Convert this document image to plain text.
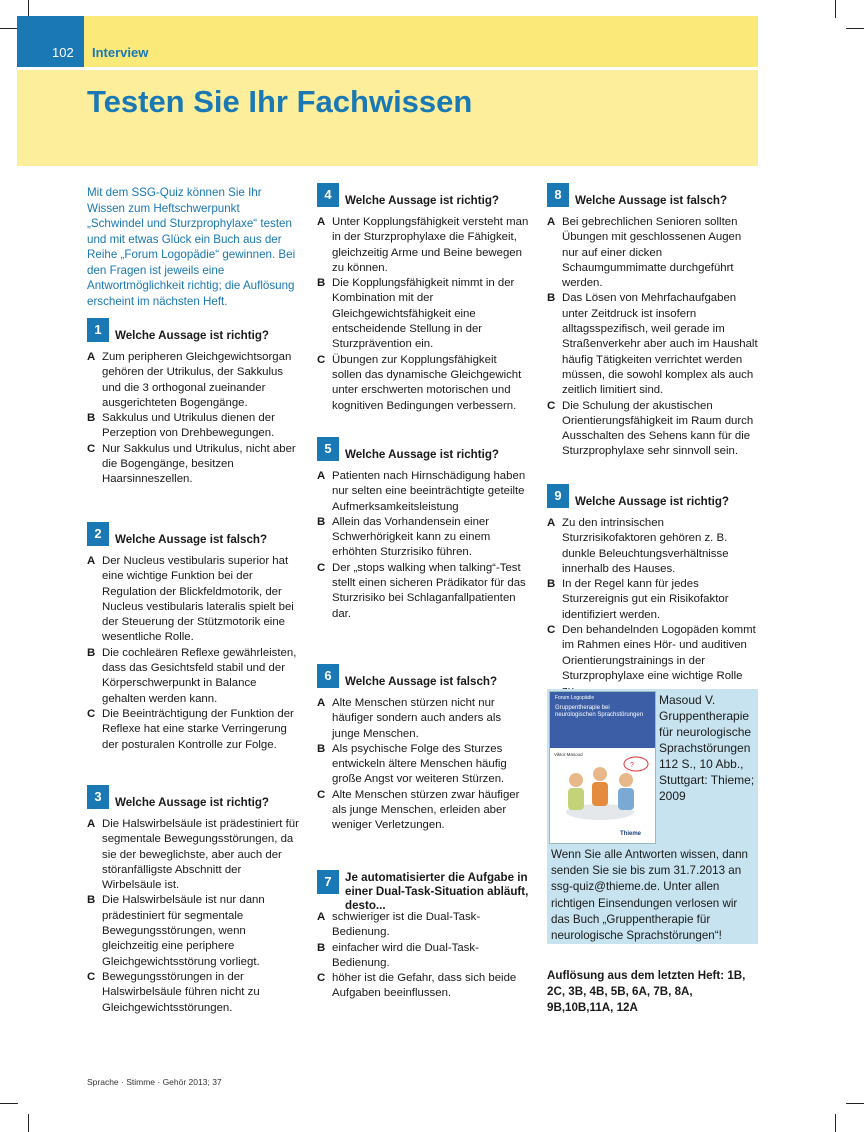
102 Interview
Testen Sie Ihr Fachwissen

Mit dem SSG-Quiz können Sie Ihr Wissen zum Heftschwerpunkt „Schwindel und Sturzprophylaxe“ testen und mit etwas Glück ein Buch aus der Reihe „Forum Logopädie“ gewinnen. Bei den Fragen ist jeweils eine Antwortmöglichkeit richtig; die Auflösung erscheint im nächsten Heft.

1	Welche Aussage ist richtig?
A Zum peripheren Gleichgewichtsorgan gehören der Utrikulus, der Sakkulus und die 3 orthogonal zueinander ausgerichteten Bogengänge.
B Sakkulus und Utrikulus dienen der Perzeption von Drehbewegungen.
C Nur Sakkulus und Utrikulus, nicht aber die Bogengänge, besitzen Haarsinneszellen.
2	Welche Aussage ist falsch?
A Der Nucleus vestibularis superior hat eine wichtige Funktion bei der Regulation der Blickfeldmotorik, der Nucleus vestibularis lateralis spielt bei der Steuerung der Stützmotorik eine wesentliche Rolle.
B Die cochleären Reflexe gewährleisten, dass das Gesichtsfeld stabil und der Körperschwerpunkt in Balance gehalten werden kann.
C Die Beeinträchtigung der Funktion der Reflexe hat eine starke Verringerung der posturalen Kontrolle zur Folge.
3	Welche Aussage ist richtig?
A Die Halswirbelsäule ist prädestiniert für segmentale Bewegungsstörungen, da sie der beweglichste, aber auch der störanfälligste Abschnitt der Wirbelsäule ist.
B Die Halswirbelsäule ist nur dann prädestiniert für segmentale Bewegungsstörungen, wenn gleichzeitig eine periphere Gleichgewichtsstörung vorliegt.
C Bewegungsstörungen in der Halswirbelsäule führen nicht zu Gleichgewichtsstörungen.
4	Welche Aussage ist richtig?
A Unter Kopplungsfähigkeit versteht man in der Sturzprophylaxe die Fähigkeit, gleichzeitig Arme und Beine bewegen zu können.
B Die Kopplungsfähigkeit nimmt in der Kombination mit der Gleichgewichtsfähigkeit eine entscheidende Stellung in der Sturzprävention ein.
C Übungen zur Kopplungsfähigkeit sollen das dynamische Gleichgewicht unter erschwerten motorischen und kognitiven Bedingungen verbessern.
5	Welche Aussage ist richtig?
A Patienten nach Hirnschädigung haben nur selten eine beeinträchtigte geteilte Aufmerksamkeitsleistung
B Allein das Vorhandensein einer Schwerhörigkeit kann zu einem erhöhten Sturzrisiko führen.
C Der „stops walking when talking“-Test stellt einen sicheren Prädikator für das Sturzrisiko bei Schlaganfallpatienten dar.
6	Welche Aussage ist falsch?
A Alte Menschen stürzen nicht nur häufiger sondern auch anders als junge Menschen.
B Als psychische Folge des Sturzes entwickeln ältere Menschen häufig große Angst vor weiteren Stürzen.
C Alte Menschen stürzen zwar häufiger als junge Menschen, erleiden aber weniger Verletzungen.
7	Je automatisierter die Aufgabe in einer Dual-Task-Situation abläuft, desto...
A schwieriger ist die Dual-Task-Bedienung.
B einfacher wird die Dual-Task-Bedienung.
C höher ist die Gefahr, dass sich beide Aufgaben beeinflussen.
8	Welche Aussage ist falsch?
A Bei gebrechlichen Senioren sollten Übungen mit geschlossenen Augen nur auf einer dicken Schaumgummimatte durchgeführt werden.
B Das Lösen von Mehrfachaufgaben unter Zeitdruck ist insofern alltagsspezifisch, weil gerade im Straßenverkehr aber auch im Haushalt häufig Tätigkeiten verrichtet werden müssen, die sowohl komplex als auch zeitlich limitiert sind.
C Die Schulung der akustischen Orientierungsfähigkeit im Raum durch Ausschalten des Sehens kann für die Sturzprophylaxe sehr sinnvoll sein.
9	Welche Aussage ist richtig?
A Zu den intrinsischen Sturzrisikofaktoren gehören z. B. dunkle Beleuchtungsverhältnisse innerhalb des Hauses.
B In der Regel kann für jedes Sturzereignis gut ein Risikofaktor identifiziert werden.
C Den behandelnden Logopäden kommt im Rahmen eines Hör- und auditiven Orientierungstrainings in der Sturzprophylaxe eine wichtige Rolle
Forum Logopädie
Gruppentherapie bei neurologischen Sprachstörungen
Viktor Masoud
?
Thieme
Masoud V. Gruppentherapie für neurologische Sprachstörungen 112 S., 10 Abb., Stuttgart: Thieme; 2009
Wenn Sie alle Antworten wissen, dann senden Sie sie bis zum 31.7.2013 an ssg-quiz@thieme.de. Unter allen richtigen Einsendungen verlosen wir das Buch „Gruppentherapie für neurologische Sprachstörungen“!
Auflösung aus dem letzten Heft: 1B, 2C, 3B, 4B, 5B, 6A, 7B, 8A, 9B,10B,11A, 12A
Sprache · Stimme · Gehör 2013; 37
